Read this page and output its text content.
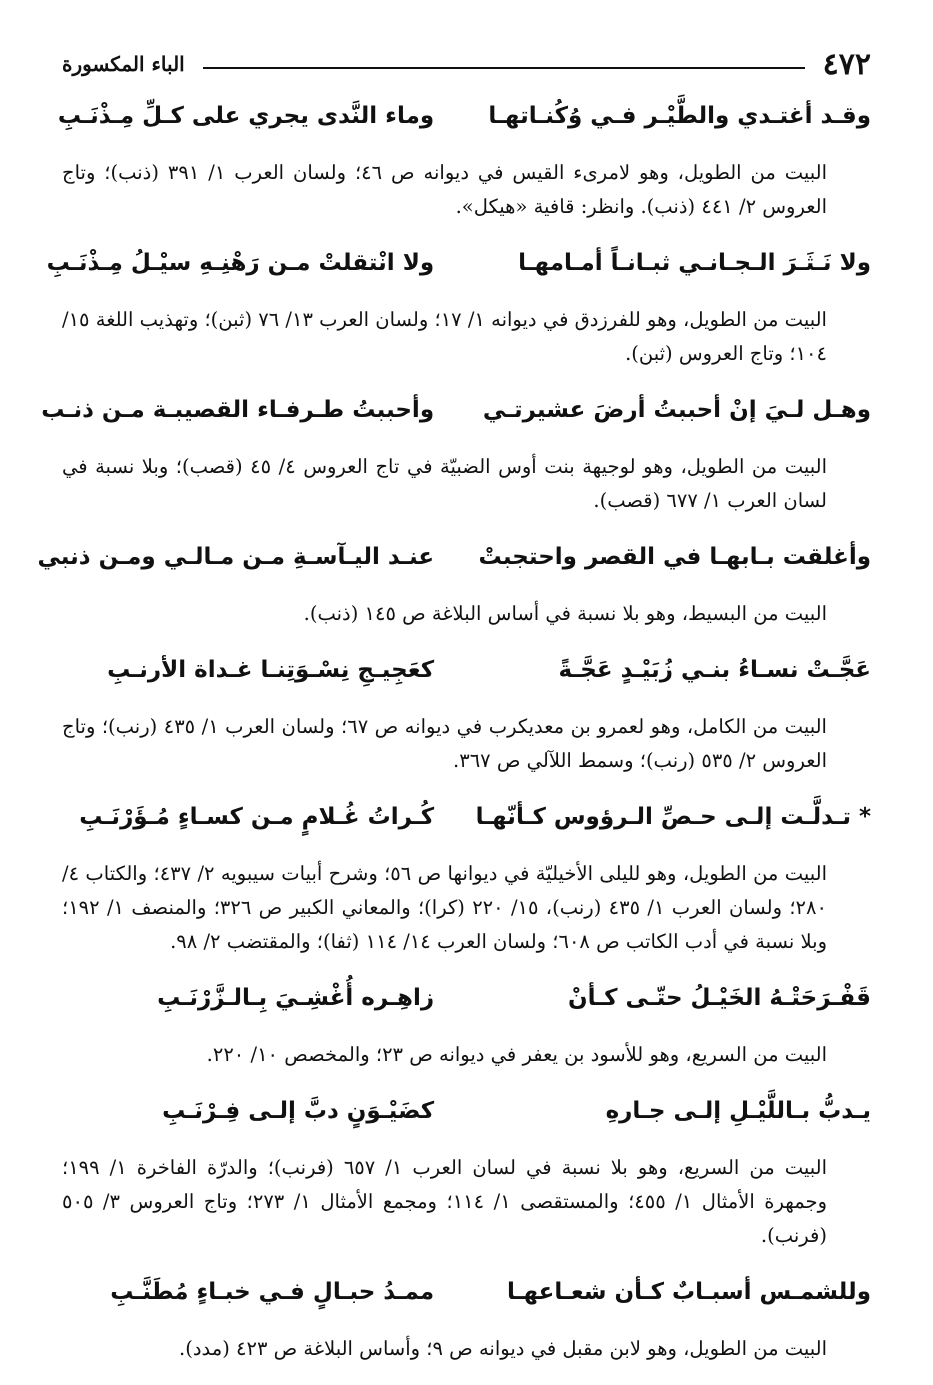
٤٧٢
الباء المكسورة
وقـد أغتـدي والطَّيْـر فـي وُكُنـاتهـا
وماء النَّدى يجري على كـلِّ مِـذْنَـبِ

البيت من الطويل، وهو لامرىء القيس في ديوانه ص ٤٦؛ ولسان العرب ١/ ٣٩١ (ذنب)؛ وتاج العروس ٢/ ٤٤١ (ذنب). وانظر: قافية «هيكل».

ولا نَـثَـرَ الـجـانـي ثبـانـاً أمـامهـا
ولا انْتقلتْ مـن رَهْنِـهِ سيْـلُ مِـذْنَـبِ

البيت من الطويل، وهو للفرزدق في ديوانه ١/ ١٧؛ ولسان العرب ١٣/ ٧٦ (ثبن)؛ وتهذيب اللغة ١٥/ ١٠٤؛ وتاج العروس (ثبن).

وهـل لـيَ إنْ أحببتُ أرضَ عشيرتـي
وأحببتُ طـرفـاء القصيبـة مـن ذنـب

البيت من الطويل، وهو لوجيهة بنت أوس الضبيّة في تاج العروس ٤/ ٤٥ (قصب)؛ وبلا نسبة في لسان العرب ١/ ٦٧٧ (قصب).

وأغلقت بـابهـا في القصر واحتجبتْ
عنـد اليـآسـةِ مـن مـالـي ومـن ذنبي

البيت من البسيط، وهو بلا نسبة في أساس البلاغة ص ١٤٥ (ذنب).

عَجَّـتْ نسـاءُ بنـي زُبَيْـدٍ عَجَّـةً
كعَجِيـجِ نِسْـوَتِنـا غـداة الأرنـبِ

البيت من الكامل، وهو لعمرو بن معديكرب في ديوانه ص ٦٧؛ ولسان العرب ١/ ٤٣٥ (رنب)؛ وتاج العروس ٢/ ٥٣٥ (رنب)؛ وسمط اللآلي ص ٣٦٧.

* تـدلَّـت إلـى حـصِّ الـرؤوس كـأنّهـا
كُـراتُ غُـلامٍ مـن كسـاءٍ مُـؤَرْنَـبِ

البيت من الطويل، وهو لليلى الأخيليّة في ديوانها ص ٥٦؛ وشرح أبيات سيبويه ٢/ ٤٣٧؛ والكتاب ٤/ ٢٨٠؛ ولسان العرب ١/ ٤٣٥ (رنب)، ١٥/ ٢٢٠ (كرا)؛ والمعاني الكبير ص ٣٢٦؛ والمنصف ١/ ١٩٢؛ وبلا نسبة في أدب الكاتب ص ٦٠٨؛ ولسان العرب ١٤/ ١١٤ (ثفا)؛ والمقتضب ٢/ ٩٨.

قَفْـرَحَتْـهُ الخَيْـلُ حتّـى كـأنْ
زاهِـره أُغْشِـيَ بِـالـزَّرْنَـبِ

البيت من السريع، وهو للأسود بن يعفر في ديوانه ص ٢٣؛ والمخصص ١٠/ ٢٢٠.

يـدبُّ بـاللَّيْـلِ إلـى جـارهِ
كضَيْـوَنٍ دبَّ إلـى فِـرْنَـبِ

البيت من السريع، وهو بلا نسبة في لسان العرب ١/ ٦٥٧ (فرنب)؛ والدرّة الفاخرة ١/ ١٩٩؛ وجمهرة الأمثال ١/ ٤٥٥؛ والمستقصى ١/ ١١٤؛ ومجمع الأمثال ١/ ٢٧٣؛ وتاج العروس ٣/ ٥٠٥ (فرنب).

وللشمـس أسبـابٌ كـأن شعـاعهـا
ممـدُ حبـالٍ فـي خبـاءٍ مُطَنَّـبِ

البيت من الطويل، وهو لابن مقبل في ديوانه ص ٩؛ وأساس البلاغة ص ٤٢٣ (مدد).
